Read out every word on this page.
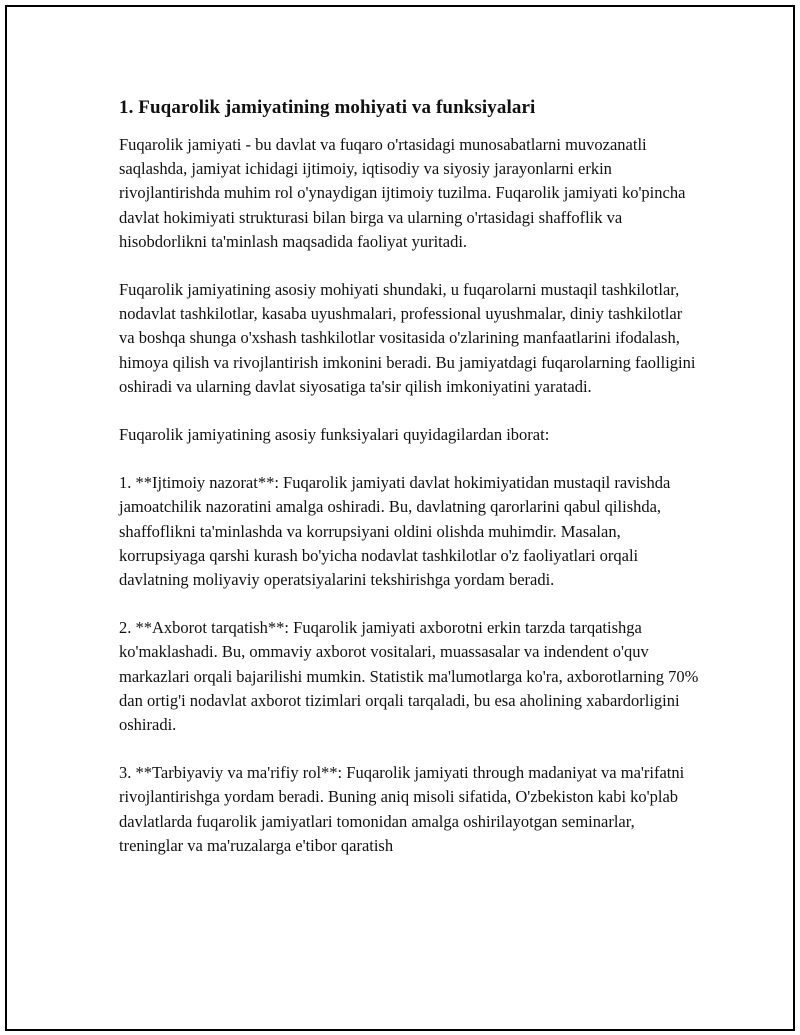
1. Fuqarolik jamiyatining mohiyati va funksiyalari

Fuqarolik jamiyati - bu davlat va fuqaro o'rtasidagi munosabatlarni muvozanatli saqlashda, jamiyat ichidagi ijtimoiy, iqtisodiy va siyosiy jarayonlarni erkin rivojlantirishda muhim rol o'ynaydigan ijtimoiy tuzilma. Fuqarolik jamiyati ko'pincha davlat hokimiyati strukturasi bilan birga va ularning o'rtasidagi shaffoflik va hisobdorlikni ta'minlash maqsadida faoliyat yuritadi.

Fuqarolik jamiyatining asosiy mohiyati shundaki, u fuqarolarni mustaqil tashkilotlar, nodavlat tashkilotlar, kasaba uyushmalari, professional uyushmalar, diniy tashkilotlar va boshqa shunga o'xshash tashkilotlar vositasida o'zlarining manfaatlarini ifodalash, himoya qilish va rivojlantirish imkonini beradi. Bu jamiyatdagi fuqarolarning faolligini oshiradi va ularning davlat siyosatiga ta'sir qilish imkoniyatini yaratadi.

Fuqarolik jamiyatining asosiy funksiyalari quyidagilardan iborat:

1. **Ijtimoiy nazorat**: Fuqarolik jamiyati davlat hokimiyatidan mustaqil ravishda jamoatchilik nazoratini amalga oshiradi. Bu, davlatning qarorlarini qabul qilishda, shaffoflikni ta'minlashda va korrupsiyani oldini olishda muhimdir. Masalan, korrupsiyaga qarshi kurash bo'yicha nodavlat tashkilotlar o'z faoliyatlari orqali davlatning moliyaviy operatsiyalarini tekshirishga yordam beradi.

2. **Axborot tarqatish**: Fuqarolik jamiyati axborotni erkin tarzda tarqatishga ko'maklashadi. Bu, ommaviy axborot vositalari, muassasalar va indendent o'quv markazlari orqali bajarilishi mumkin. Statistik ma'lumotlarga ko'ra, axborotlarning 70% dan ortig'i nodavlat axborot tizimlari orqali tarqaladi, bu esa aholining xabardorligini oshiradi.

3. **Tarbiyaviy va ma'rifiy rol**: Fuqarolik jamiyati through madaniyat va ma'rifatni rivojlantirishga yordam beradi. Buning aniq misoli sifatida, O'zbekiston kabi ko'plab davlatlarda fuqarolik jamiyatlari tomonidan amalga oshirilayotgan seminarlar, treninglar va ma'ruzalarga e'tibor qaratish
